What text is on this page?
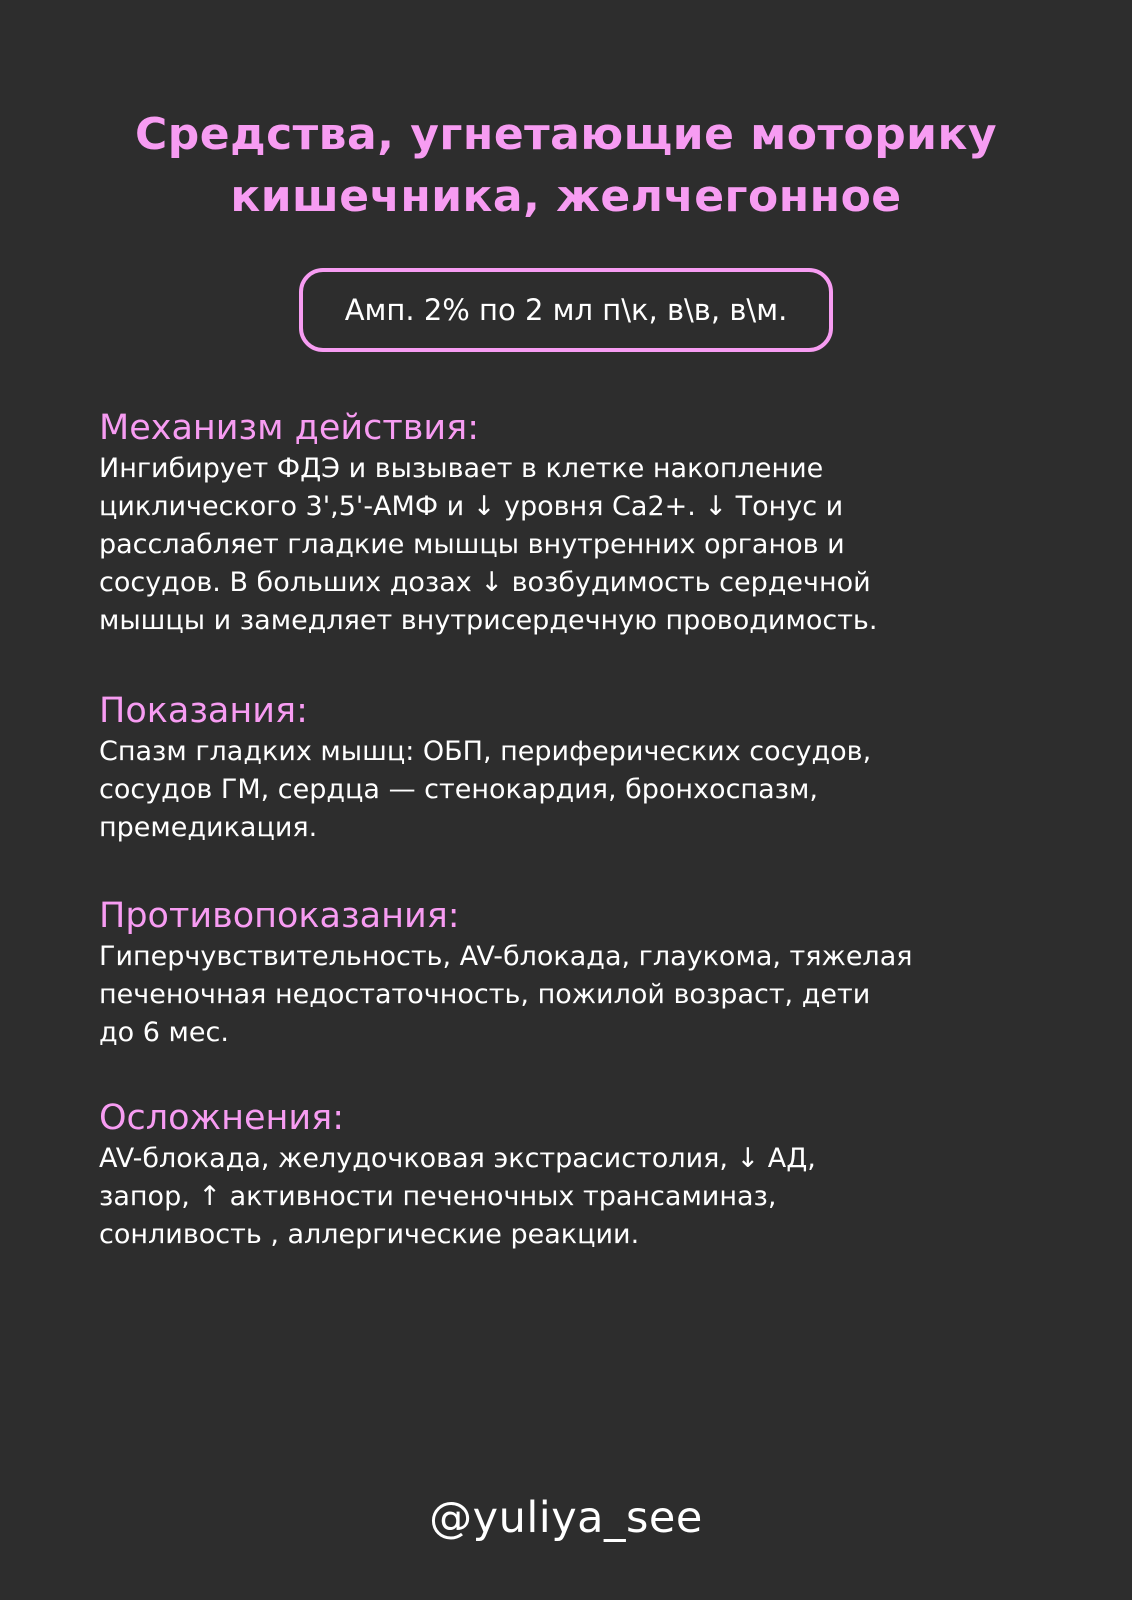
Средства, угнетающие моторику
кишечника, желчегонное
Амп. 2% по 2 мл п\к, в\в, в\м.
Механизм действия:

Ингибирует ФДЭ и вызывает в клетке накопление
циклического 3',5'-АМФ и ↓ уровня Са2+. ↓ Тонус и
расслабляет гладкие мышцы внутренних органов и
сосудов. В больших дозах ↓ возбудимость сердечной
мышцы и замедляет внутрисердечную проводимость.

Показания:

Спазм гладких мышц: ОБП, периферических сосудов,
сосудов ГМ, сердца — стенокардия, бронхоспазм,
премедикация.

Противопоказания:

Гиперчувствительность, AV-блокада, глаукома, тяжелая
печеночная недостаточность, пожилой возраст, дети
до 6 мес.

Осложнения:

AV-блокада, желудочковая экстрасистолия, ↓ АД,
запор, ↑ активности печеночных трансаминаз,
сонливость , аллергические реакции.

@yuliya_see
